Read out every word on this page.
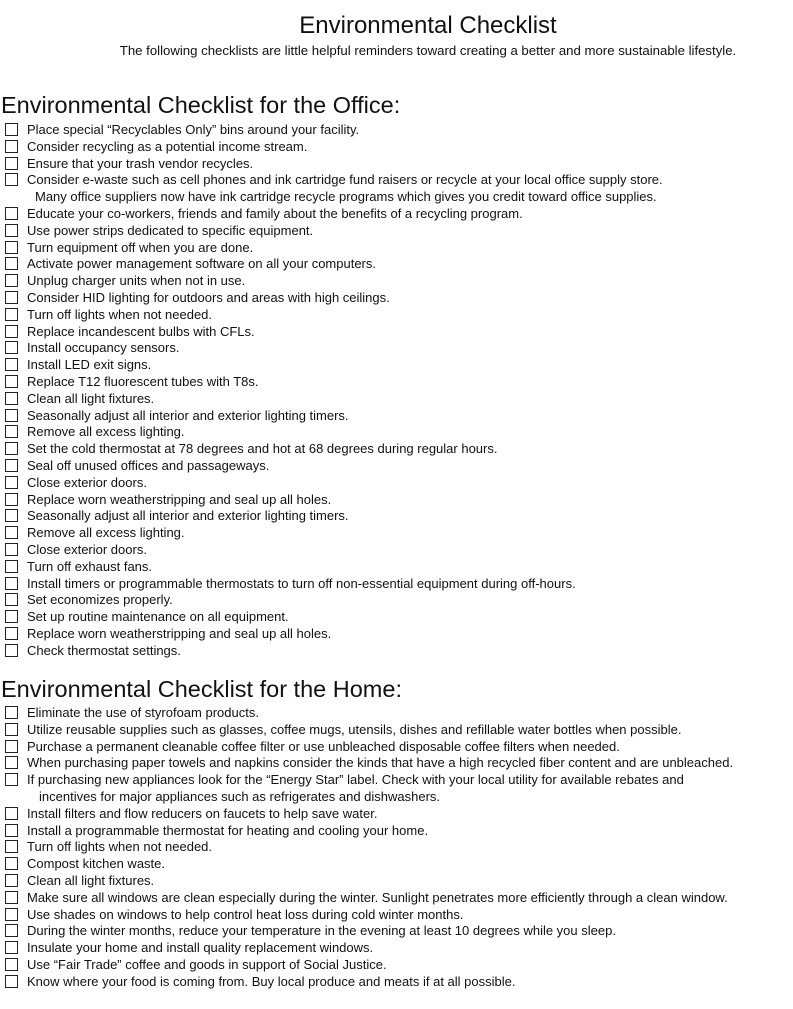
Environmental Checklist

The following checklists are little helpful reminders toward creating a better and more sustainable lifestyle.

Environmental Checklist for the Office:
Place special “Recyclables Only” bins around your facility.
Consider recycling as a potential income stream.
Ensure that your trash vendor recycles.
Consider e-waste such as cell phones and ink cartridge fund raisers or recycle at your local office supply store.
Many office suppliers now have ink cartridge recycle programs which gives you credit toward office supplies.
Educate your co-workers, friends and family about the benefits of a recycling program.
Use power strips dedicated to specific equipment.
Turn equipment off when you are done.
Activate power management software on all your computers.
Unplug charger units when not in use.
Consider HID lighting for outdoors and areas with high ceilings.
Turn off lights when not needed.
Replace incandescent bulbs with CFLs.
Install occupancy sensors.
Install LED exit signs.
Replace T12 fluorescent tubes with T8s.
Clean all light fixtures.
Seasonally adjust all interior and exterior lighting timers.
Remove all excess lighting.
Set the cold thermostat at 78 degrees and hot at 68 degrees during regular hours.
Seal off unused offices and passageways.
Close exterior doors.
Replace worn weatherstripping and seal up all holes.
Seasonally adjust all interior and exterior lighting timers.
Remove all excess lighting.
Close exterior doors.
Turn off exhaust fans.
Install timers or programmable thermostats to turn off non-essential equipment during off-hours.
Set economizes properly.
Set up routine maintenance on all equipment.
Replace worn weatherstripping and seal up all holes.
Check thermostat settings.
Environmental Checklist for the Home:
Eliminate the use of styrofoam products.
Utilize reusable supplies such as glasses, coffee mugs, utensils, dishes and refillable water bottles when possible.
Purchase a permanent cleanable coffee filter or use unbleached disposable coffee filters when needed.
When purchasing paper towels and napkins consider the kinds that have a high recycled fiber content and are unbleached.
If purchasing new appliances look for the “Energy Star” label. Check with your local utility for available rebates and
incentives for major appliances such as refrigerates and dishwashers.
Install filters and flow reducers on faucets to help save water.
Install a programmable thermostat for heating and cooling your home.
Turn off lights when not needed.
Compost kitchen waste.
Clean all light fixtures.
Make sure all windows are clean especially during the winter. Sunlight penetrates more efficiently through a clean window.
Use shades on windows to help control heat loss during cold winter months.
During the winter months, reduce your temperature in the evening at least 10 degrees while you sleep.
Insulate your home and install quality replacement windows.
Use “Fair Trade” coffee and goods in support of Social Justice.
Know where your food is coming from. Buy local produce and meats if at all possible.
